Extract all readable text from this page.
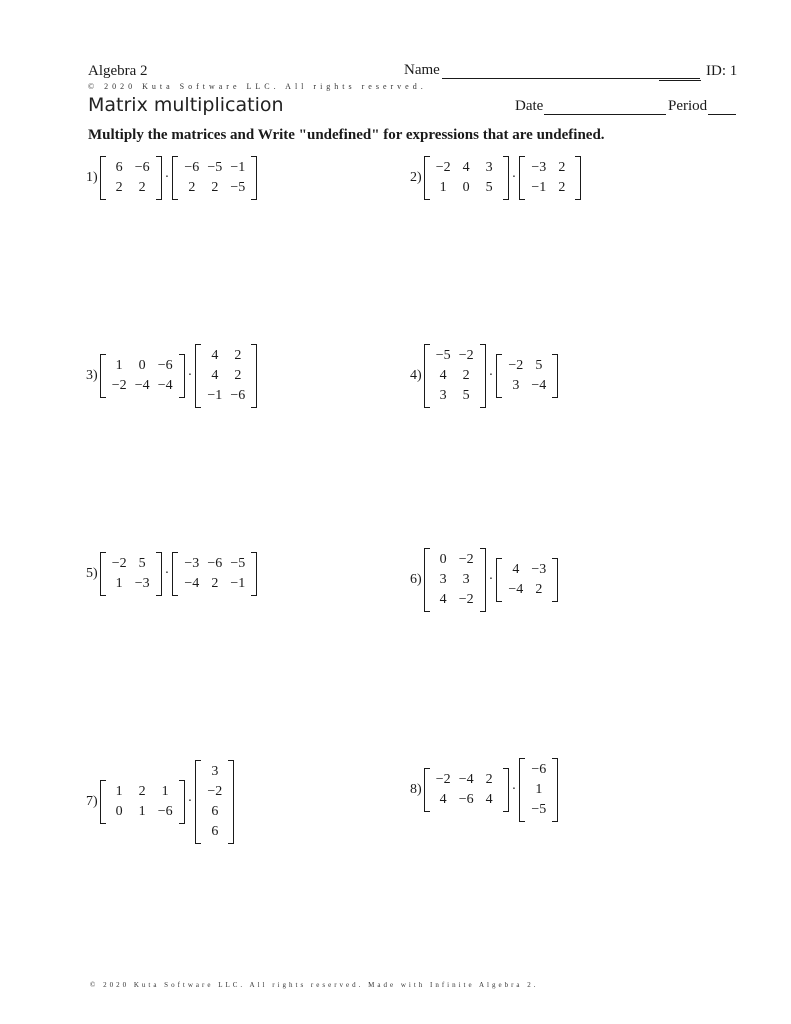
Algebra 2
© 2020 Kuta Software LLC. All rights reserved.
Name	ID: 1
Matrix multiplication	Date	Period
Multiply the matrices and Write "undefined" for expressions that are undefined.
1)
6 −6
2	2
·
−6 −5 −1
2	2 −5
2)
−2 4	3
1	0	5
·
−3 2
−1 2
3)
1	0 −6
−2 −4 −4
·
4	2
4	2
−1 −6
4)
−5 −2
4	2
3	5
·
−2 5
3 −4
5)
−2 5
1 −3
·
−3 −6 −5
−4 2 −1	6)
0 −2
3	3
4 −2
·
4 −3
−4 2
7)
1	2	1
0	1 −6
·
3
−2
6
6
8)
−2 −4 2
4 −6 4
·
−6
1
−5
© 2020 Kuta Software LLC. All rights reserved. Made with Infinite Algebra 2.
